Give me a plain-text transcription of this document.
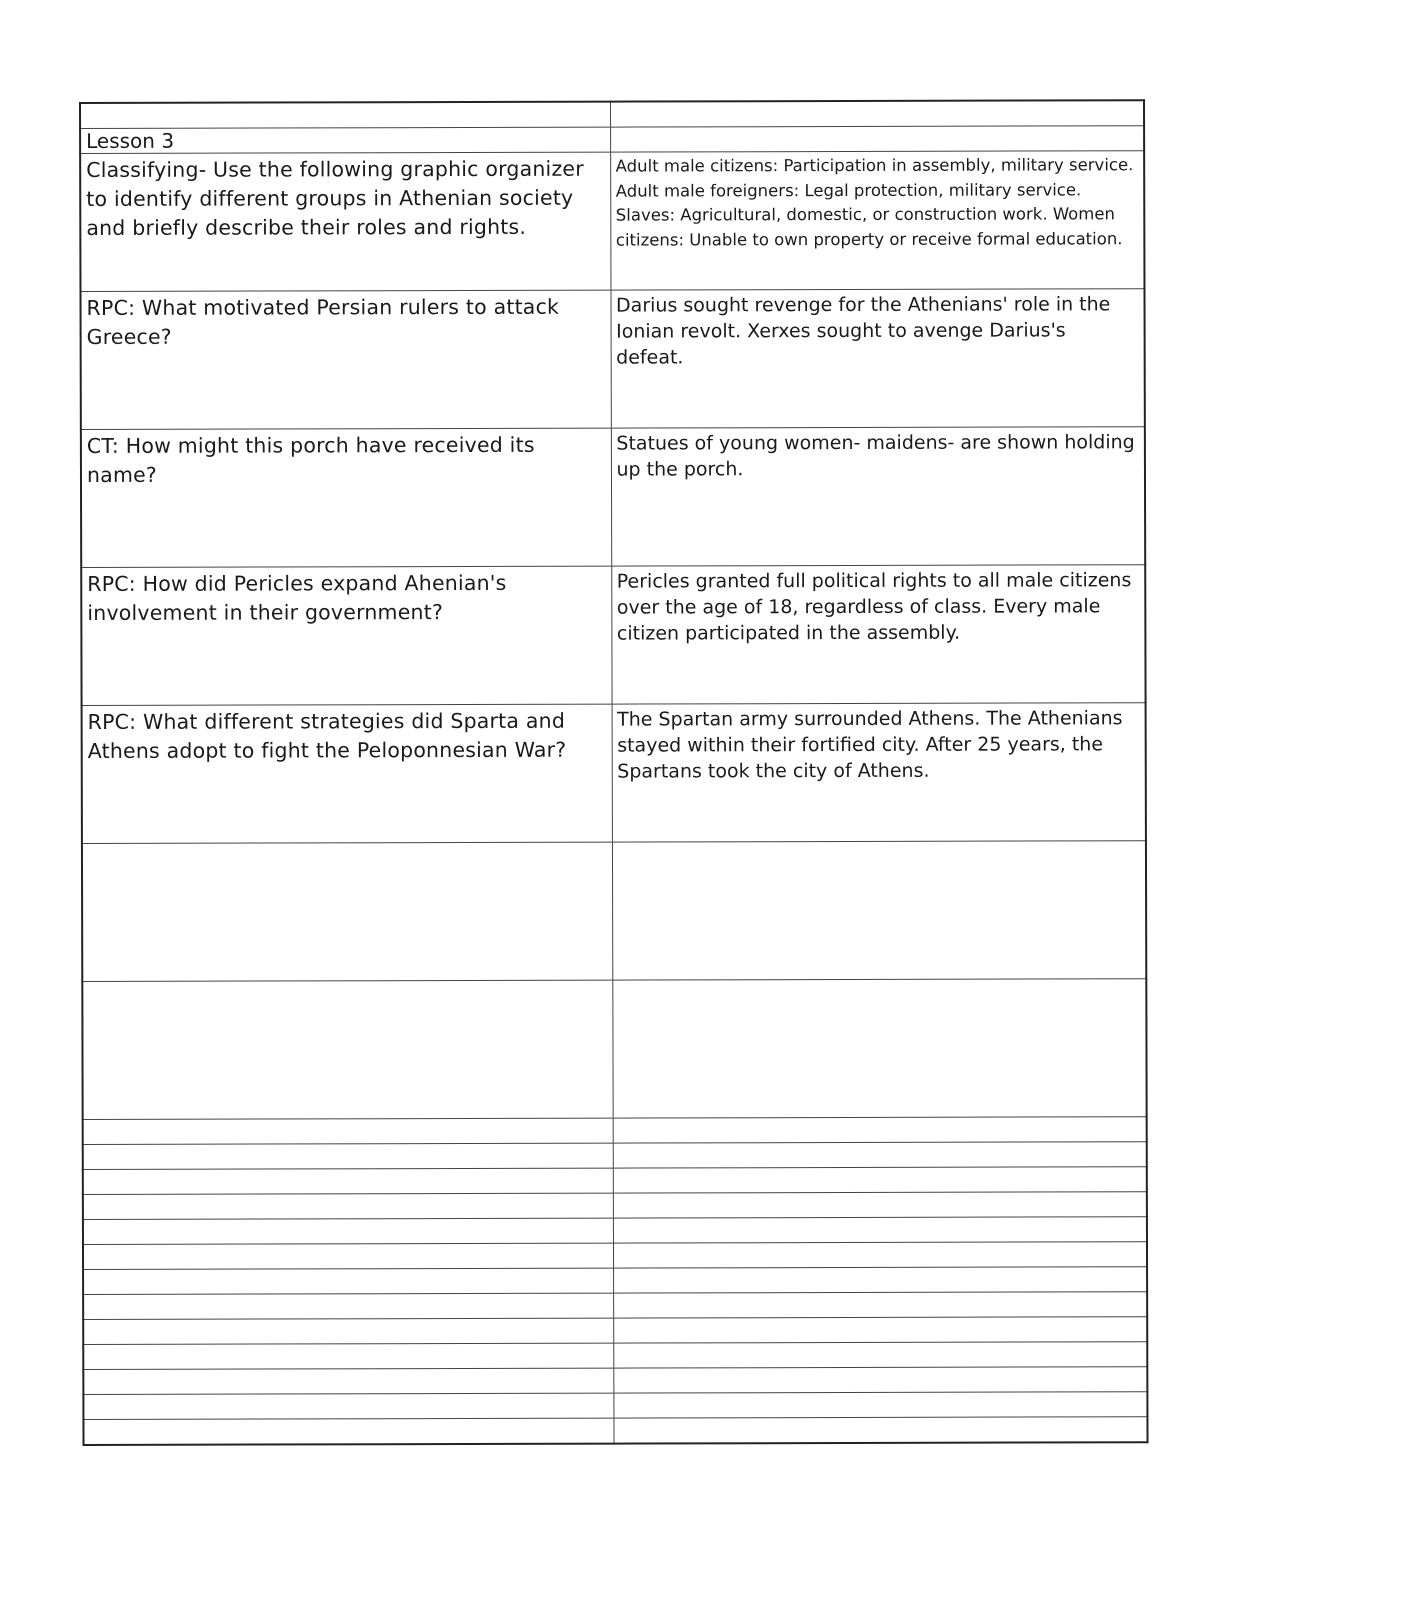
Lesson 3	
Classifying- Use the following graphic organizer to identify different groups in Athenian society and briefly describe their roles and rights.	Adult male citizens: Participation in assembly, military service. Adult male foreigners: Legal protection, military service. Slaves: Agricultural, domestic, or construction work. Women citizens: Unable to own property or receive formal education.
RPC: What motivated Persian rulers to attack Greece?	Darius sought revenge for the Athenians' role in the Ionian revolt. Xerxes sought to avenge Darius's defeat.
CT: How might this porch have received its name?	Statues of young women- maidens- are shown holding up the porch.
RPC: How did Pericles expand Ahenian's involvement in their government?	Pericles granted full political rights to all male citizens over the age of 18, regardless of class. Every male citizen participated in the assembly.
RPC: What different strategies did Sparta and Athens adopt to fight the Peloponnesian War?	The Spartan army surrounded Athens. The Athenians stayed within their fortified city. After 25 years, the Spartans took the city of Athens.
